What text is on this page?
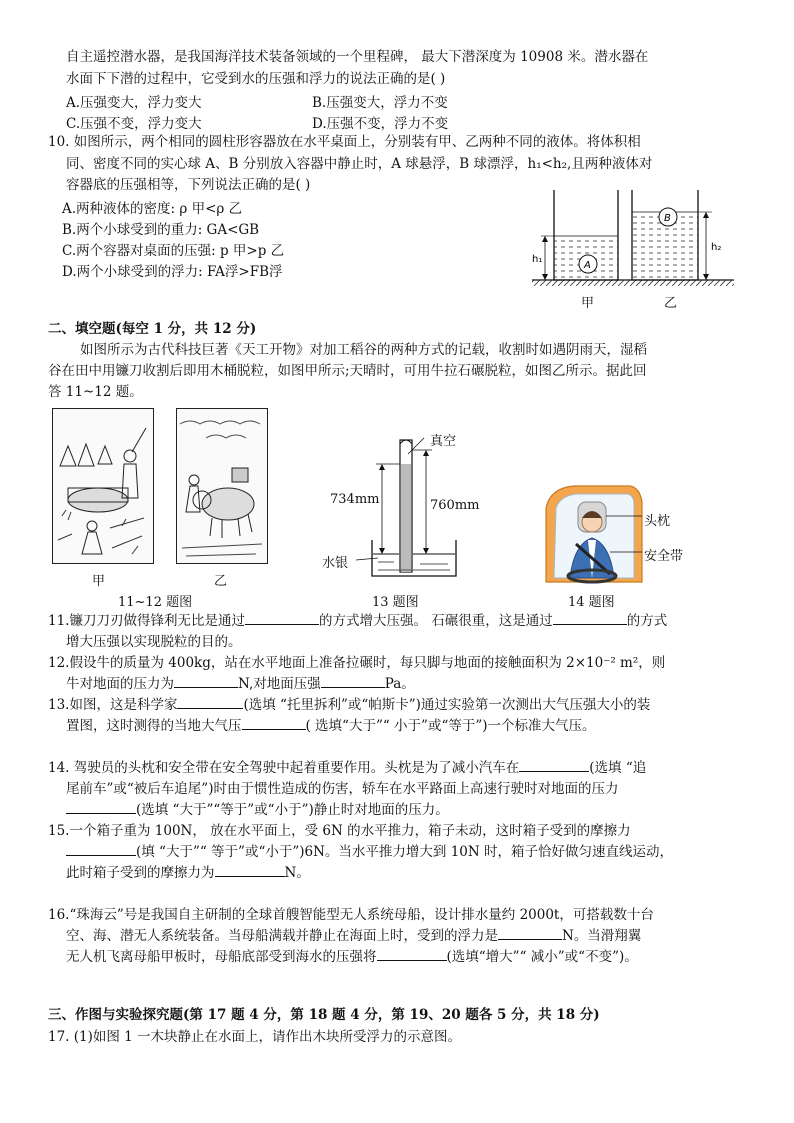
自主遥控潜水器，是我国海洋技术装备领域的一个里程碑， 最大下潜深度为 10908 米。潜水器在
水面下下潜的过程中，它受到水的压强和浮力的说法正确的是( )
A.压强变大，浮力变大	B.压强变大，浮力不变
C.压强不变，浮力变大	D.压强不变，浮力不变
10. 如图所示，两个相同的圆柱形容器放在水平桌面上，分别装有甲、乙两种不同的液体。将体积相
同、密度不同的实心球 A、B 分别放入容器中静止时，A 球悬浮，B 球漂浮，h₁<h₂,且两种液体对
容器底的压强相等，下列说法正确的是( )
A.两种液体的密度: ρ 甲<ρ 乙
B.两个小球受到的重力: GA<GB
C.两个容器对桌面的压强: p 甲>p 乙
D.两个小球受到的浮力: FA浮>FB浮	A
h₁
B
h₂
甲	乙
二、填空题(每空 1 分，共 12 分)
如图所示为古代科技巨著《天工开物》对加工稻谷的两种方式的记载，收割时如遇阴雨天，湿稻
谷在田中用镰刀收割后即用木桶脱粒，如图甲所示;天晴时，可用牛拉石碾脱粒，如图乙所示。据此回
答 11~12 题。
甲	乙
11~12 题图
真空
734mm	760mm
水银
13 题图
头枕
安全带
14 题图
11.镰刀刀刃做得锋利无比是通过	的方式增大压强。 石碾很重，这是通过	的方式
增大压强以实现脱粒的目的。
12.假设牛的质量为 400kg，站在水平地面上准备拉碾时，每只脚与地面的接触面积为 2×10⁻² m²，则
牛对地面的压力为	N,对地面压强	Pa。
13.如图，这是科学家	(选填 “托里拆利”或“帕斯卡”)通过实验第一次测出大气压强大小的装
置图，这时测得的当地大气压	( 选填“大于”“ 小于”或“等于”)一个标准大气压。
14. 驾驶员的头枕和安全带在安全驾驶中起着重要作用。头枕是为了减小汽车在	(选填 “追
尾前车”或“被后车追尾”)时由于惯性造成的伤害，轿车在水平路面上高速行驶时对地面的压力
(选填 “大于”“等于”或“小于”)静止时对地面的压力。
15.一个箱子重为 100N， 放在水平面上，受 6N 的水平推力，箱子未动，这时箱子受到的摩擦力
(填 “大于”“ 等于”或“小于”)6N。当水平推力增大到 10N 时，箱子恰好做匀速直线运动，
此时箱子受到的摩擦力为	N。
16.“珠海云”号是我国自主研制的全球首艘智能型无人系统母船，设计排水量约 2000t，可搭载数十台
空、海、潜无人系统装备。当母船满载并静止在海面上时，受到的浮力是	N。当滑翔翼
无人机飞离母船甲板时，母船底部受到海水的压强将	(选填“增大”“ 减小”或“不变”)。
三、作图与实验探究题(第 17 题 4 分，第 18 题 4 分，第 19、20 题各 5 分，共 18 分)
17. (1)如图 1 一木块静止在水面上，请作出木块所受浮力的示意图。
